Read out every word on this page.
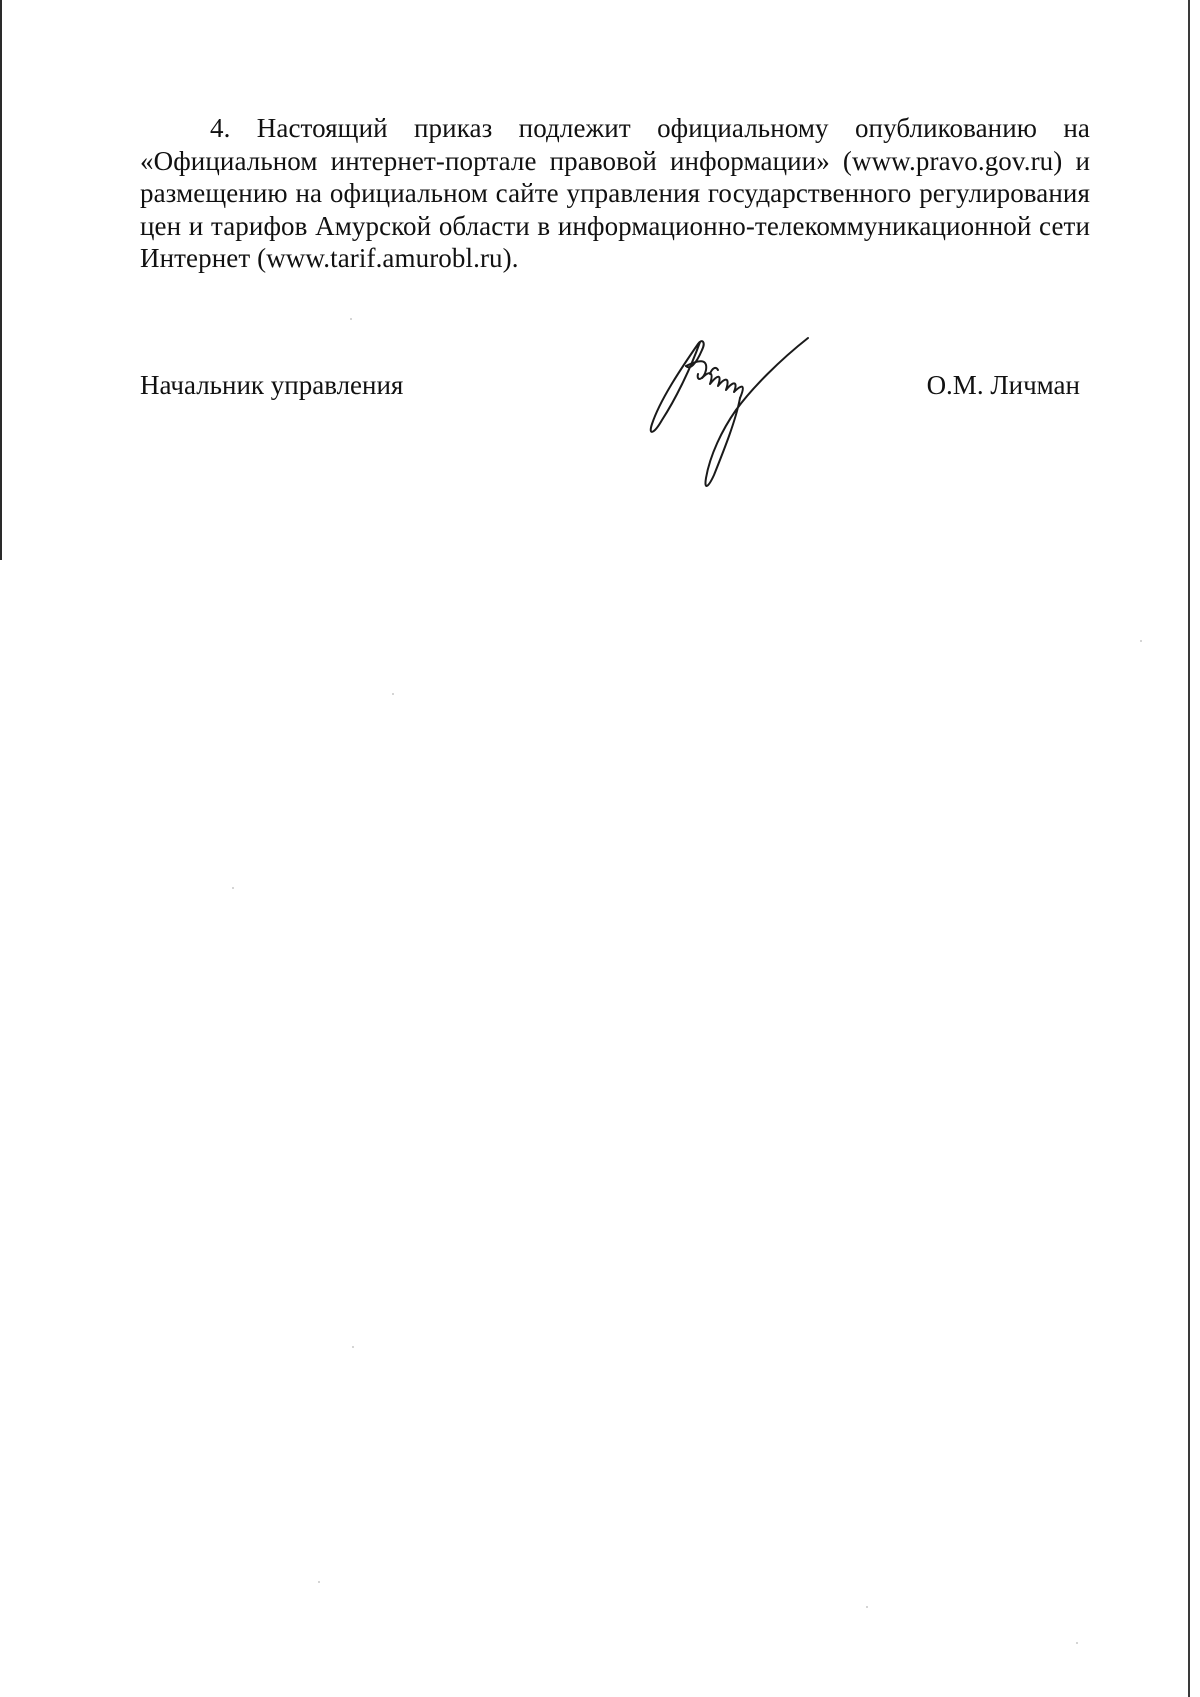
4. Настоящий приказ подлежит официальному опубликованию на «Официальном интернет-портале правовой информации» (www.pravo.gov.ru) и размещению на официальном сайте управления государственного регулирования цен и тарифов Амурской области в информационно-телекоммуникационной сети Интернет (www.tarif.amurobl.ru).

Начальник управления	О.М. Личман
